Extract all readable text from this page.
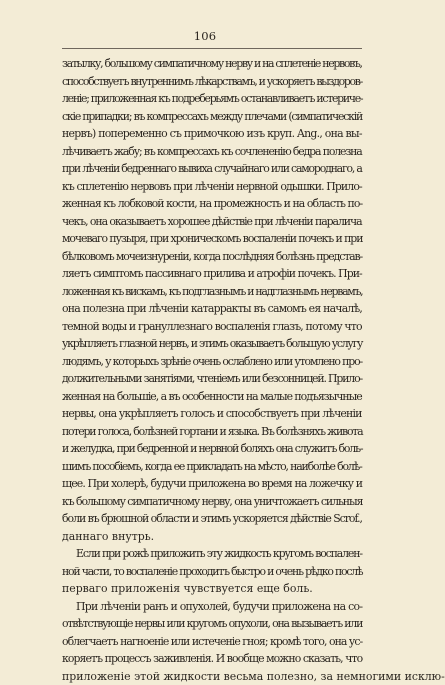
106
затылку, большому симпатичному нерву и на сплетеніе нервовъ,
способствуетъ внутреннимъ лѣкарствамъ, и ускоряетъ выздоров-
леніе; приложенная къ подреберьямъ останавливаетъ истериче-
скіе припадки; въ компрессахъ между плечами (симпатическій
нервъ) попеременно съ примочкою изъ круп. Ang., она вы-
лѣчиваетъ жабу; въ компрессахъ къ сочлененію бедра полезна
при лѣченіи бедреннаго вывиха случайнаго или самороднаго, а
къ сплетенію нервовъ при лѣченіи нервной одышки. Прило-
женная къ лобковой кости, на промежность и на область по-
чекъ, она оказываетъ хорошее дѣйствіе при лѣченіи паралича
мочеваго пузыря, при хроническомъ воспаленіи почекъ и при
бѣлковомъ мочеизнуреніи, когда послѣдняя болѣзнь представ-
ляетъ симптомъ пассивнаго прилива и атрофіи почекъ. При-
ложенная къ вискамъ, къ подглазнымъ и надглазнымъ нервамъ,
она полезна при лѣченіи катарракты въ самомъ ея началѣ,
темной воды и грануллезнаго воспаленія глазъ, потому что
укрѣпляетъ глазной нервъ, и этимъ оказываетъ большую услугу
людямъ, у которыхъ зрѣніе очень ослаблено или утомлено про-
должительными занятіями, чтеніемъ или безсонницей. Прило-
женная на большіе, а въ особенности на малые подъязычные
нервы, она укрѣпляетъ голосъ и способствуетъ при лѣченіи
потери голоса, болѣзней гортани и языка. Въ болѣзняхъ живота
и желудка, при бедренной и нервной боляхъ она служитъ боль-
шимъ пособіемъ, когда ее прикладать на мѣсто, наиболѣе болѣ-
щее. При холерѣ, будучи приложена во время на ложечку и
къ большому симпатичному нерву, она уничтожаетъ сильныя
боли въ брюшной области и этимъ ускоряется дѣйствіе Scrof.,
даннаго внутрь.
Если при рожѣ приложить эту жидкость кругомъ воспален-
ной части, то воспаленіе проходитъ быстро и очень рѣдко послѣ
перваго приложенія чувствуется еще боль.
При лѣченіи ранъ и опухолей, будучи приложена на со-
отвѣтствующіе нервы или кругомъ опухоли, она вызываетъ или
облегчаетъ нагноеніе или истеченіе гноя; кромѣ того, она ус-
коряетъ процессъ заживленія. И вообще можно сказать, что
приложеніе этой жидкости весьма полезно, за немногими исклю-
